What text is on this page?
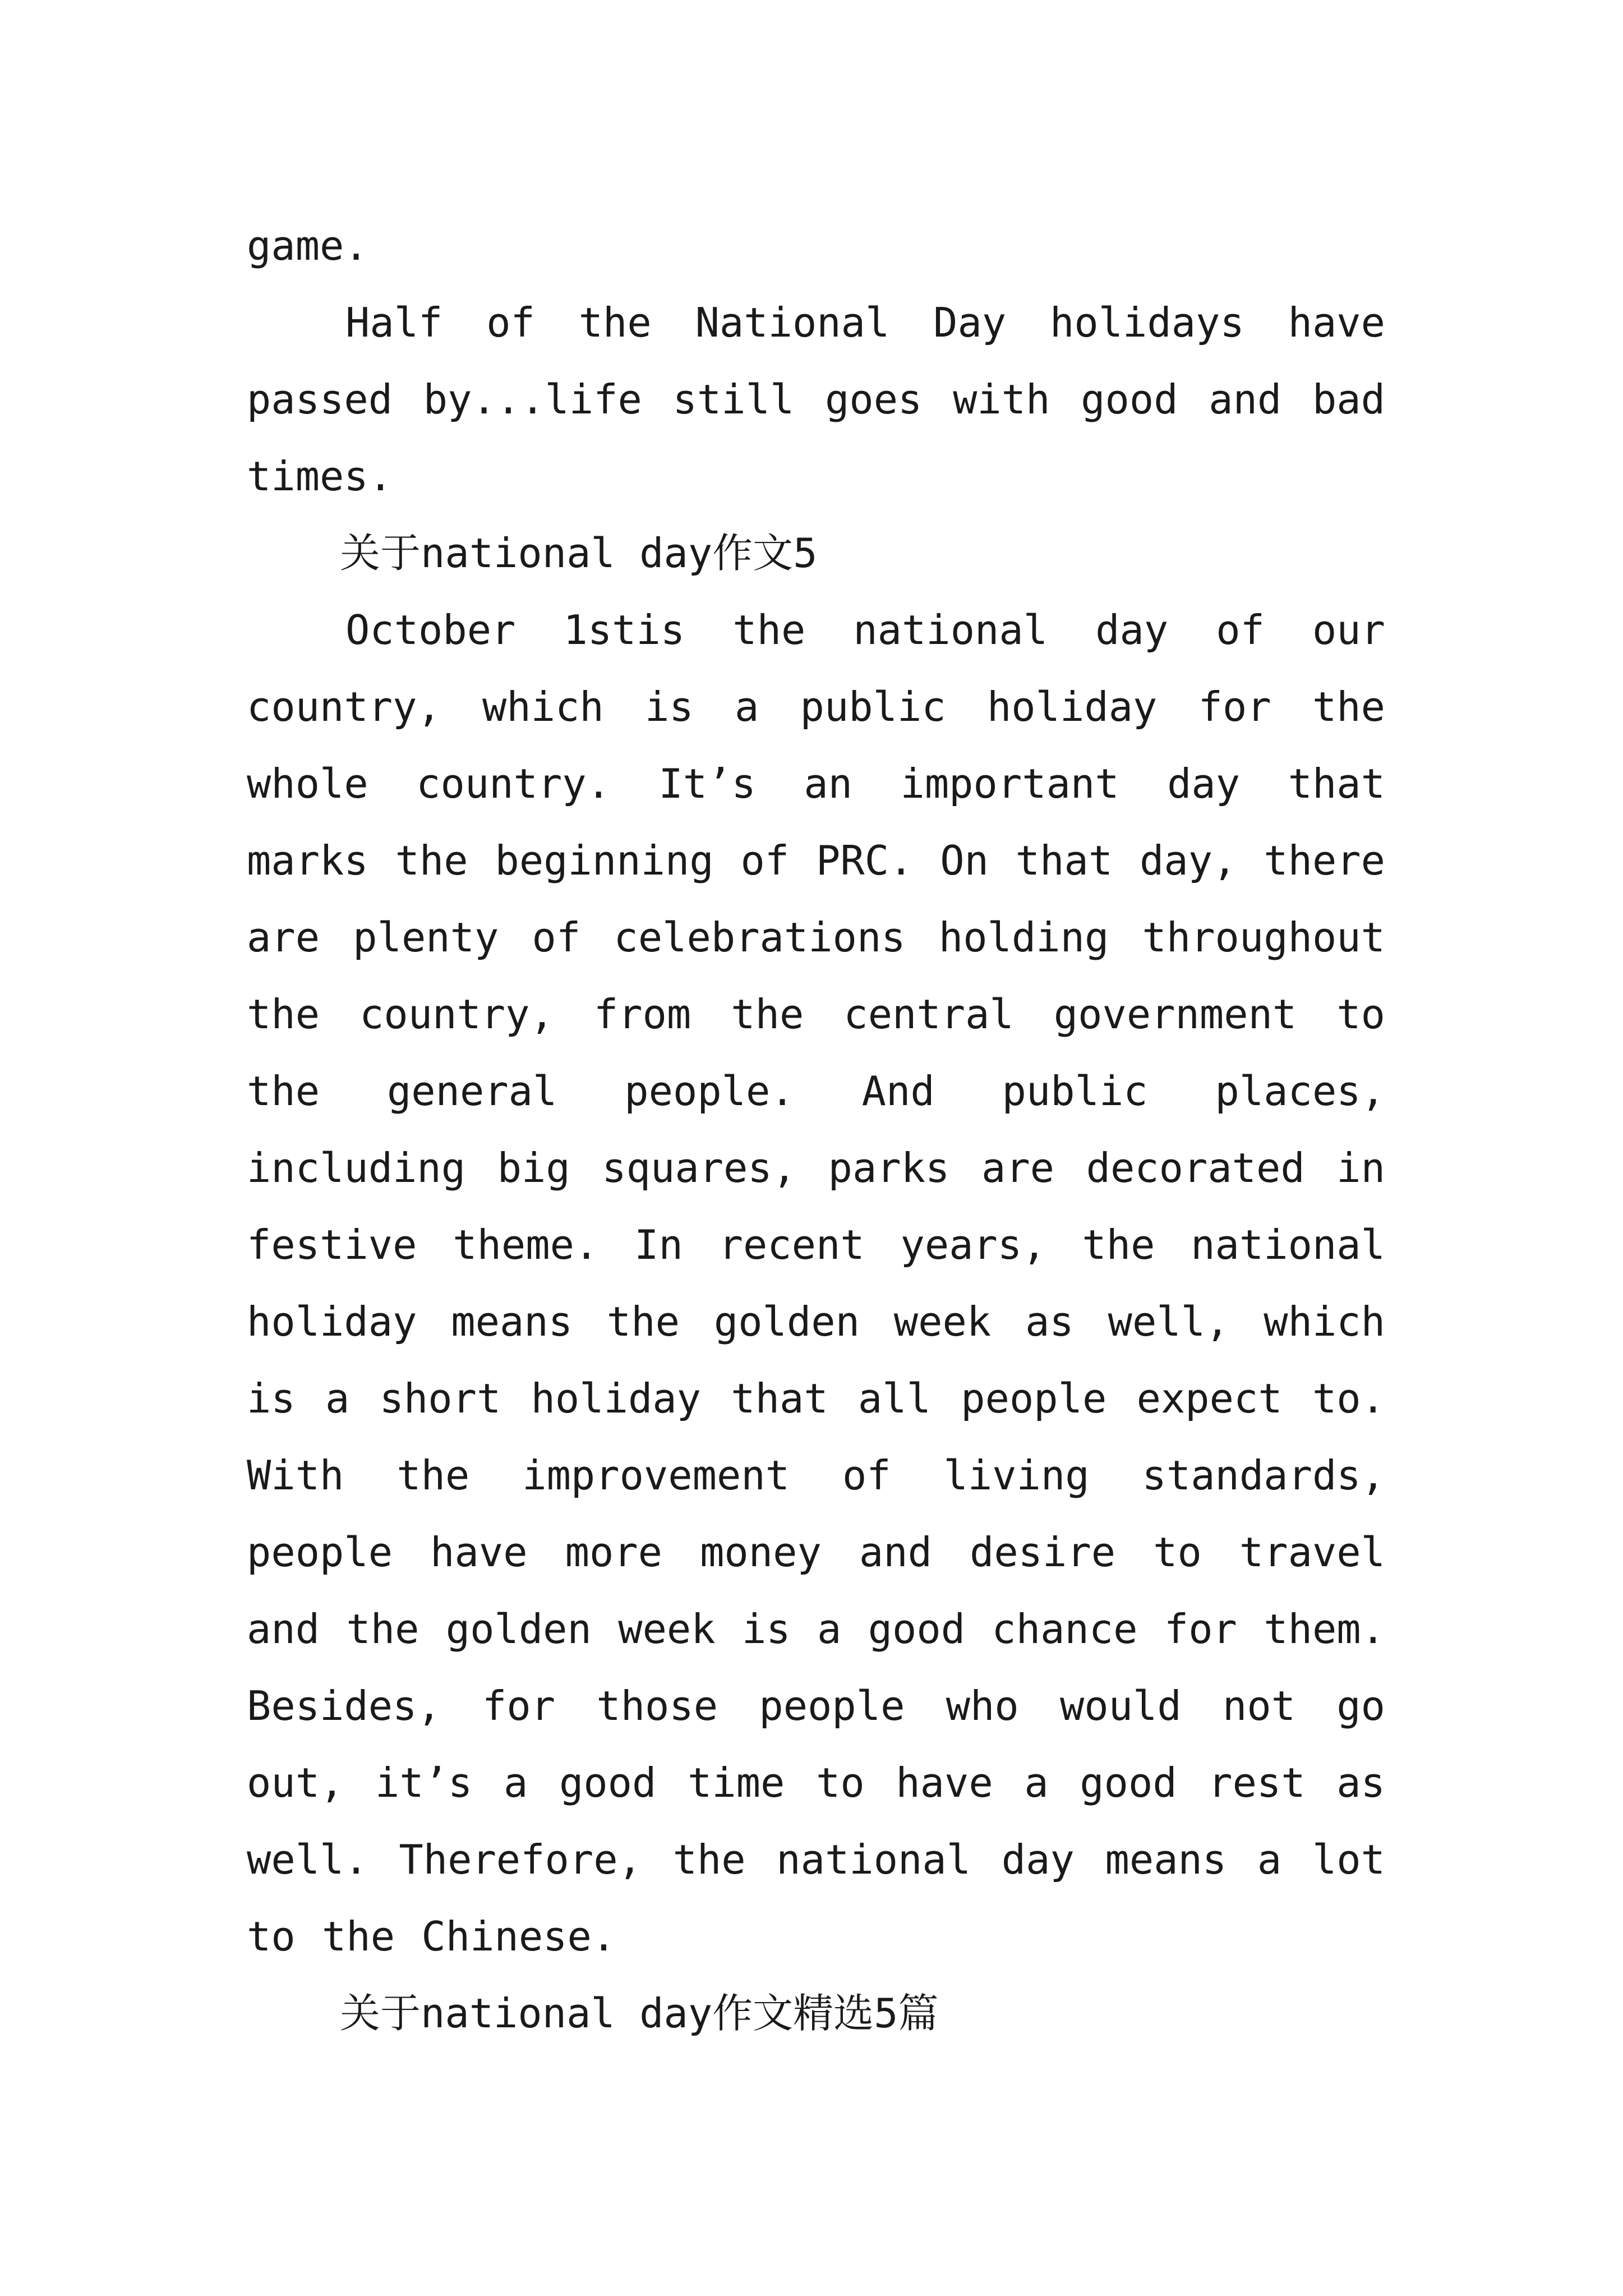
game.

Half of the National Day holidays have passed by...life still goes with good and bad times.

关于national day作文5

October 1stis the national day of our country, which is a public holiday for the whole country. It’s an important day that marks the beginning of PRC. On that day, there are plenty of celebrations holding throughout the country, from the central government to the general people. And public places, including big squares, parks are decorated in festive theme. In recent years, the national holiday means the golden week as well, which is a short holiday that all people expect to. With the improvement of living standards, people have more money and desire to travel and the golden week is a good chance for them. Besides, for those people who would not go out, it’s a good time to have a good rest as well. Therefore, the national day means a lot to the Chinese.

关于national day作文精选5篇
